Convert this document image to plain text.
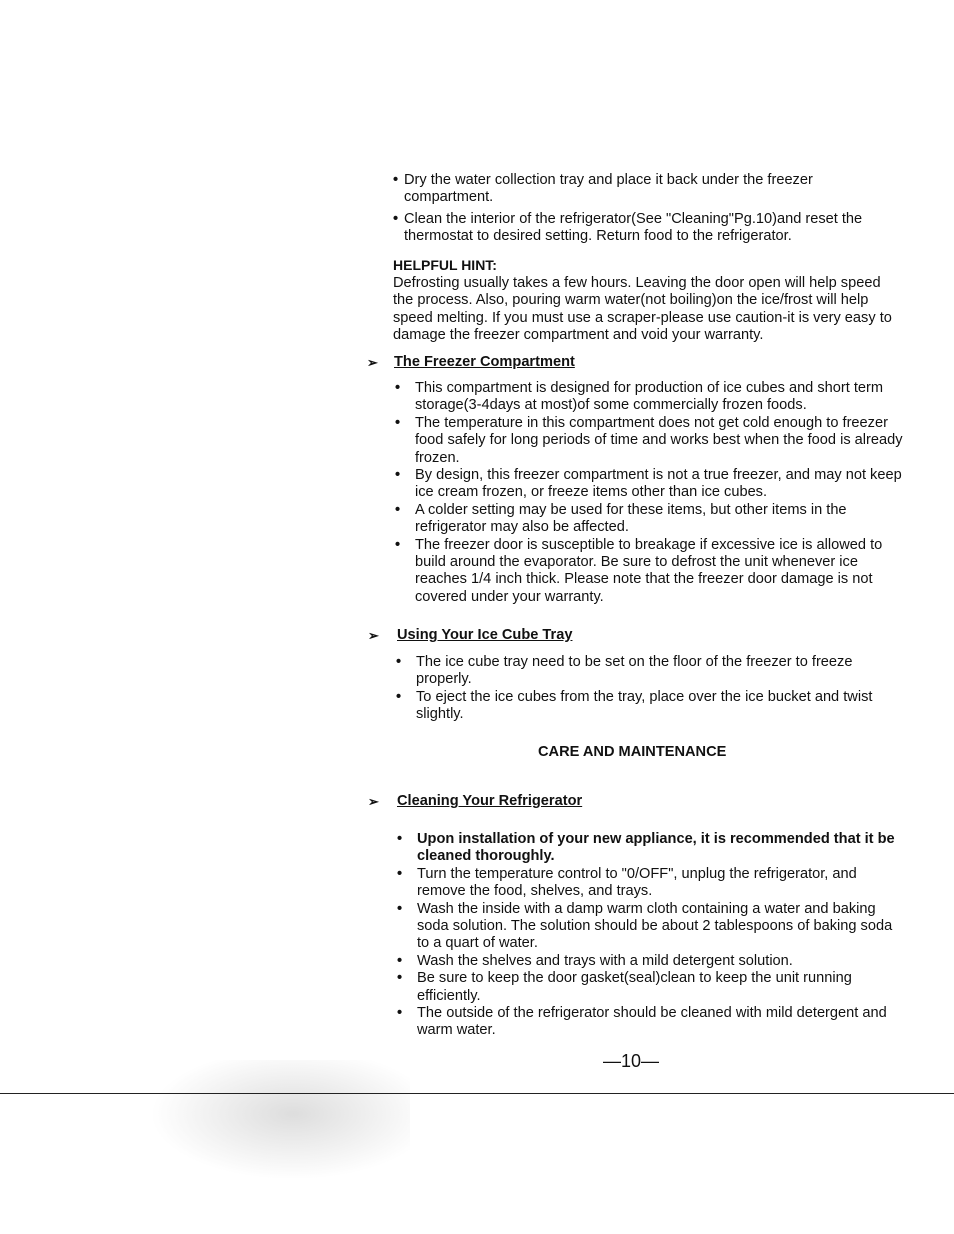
• Dry the water collection tray and place it back under the freezer compartment.
• Clean the interior of the refrigerator(See "Cleaning"Pg.10)and reset the thermostat to desired setting. Return food to the refrigerator.
HELPFUL HINT:
Defrosting usually takes a few hours. Leaving the door open will help speed the process. Also, pouring warm water(not boiling)on the ice/frost will help speed melting. If you must use a scraper-please use caution-it is very easy to damage the freezer compartment and void your warranty.
➢ The Freezer Compartment
• This compartment is designed for production of ice cubes and short term storage(3-4days at most)of some commercially frozen foods.
• The temperature in this compartment does not get cold enough to freezer food safely for long periods of time and works best when the food is already frozen.
• By design, this freezer compartment is not a true freezer, and may not keep ice cream frozen, or freeze items other than ice cubes.
• A colder setting may be used for these items, but other items in the refrigerator may also be affected.
• The freezer door is susceptible to breakage if excessive ice is allowed to build around the evaporator. Be sure to defrost the unit whenever ice reaches 1/4 inch thick. Please note that the freezer door damage is not covered under your warranty.
➢ Using Your Ice Cube Tray
• The ice cube tray need to be set on the floor of the freezer to freeze properly.
• To eject the ice cubes from the tray, place over the ice bucket and twist slightly.
CARE AND MAINTENANCE
➢ Cleaning Your Refrigerator
• Upon installation of your new appliance, it is recommended that it be cleaned thoroughly.
• Turn the temperature control to "0/OFF", unplug the refrigerator, and remove the food, shelves, and trays.
• Wash the inside with a damp warm cloth containing a water and baking soda solution. The solution should be about 2 tablespoons of baking soda to a quart of water.
• Wash the shelves and trays with a mild detergent solution.
• Be sure to keep the door gasket(seal)clean to keep the unit running efficiently.
• The outside of the refrigerator should be cleaned with mild detergent and warm water.
—10—
